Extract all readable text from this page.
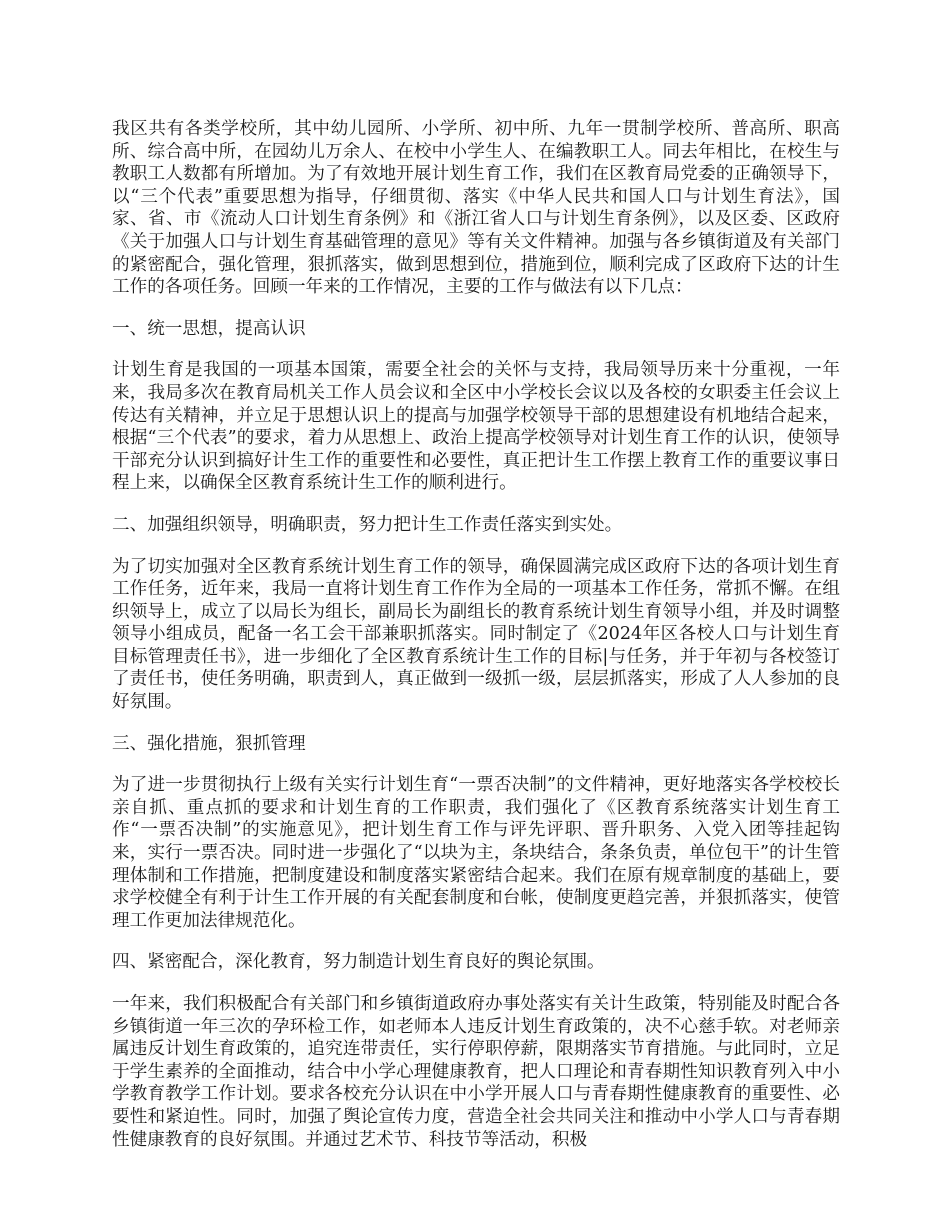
我区共有各类学校所，其中幼儿园所、小学所、初中所、九年一贯制学校所、普高所、职高所、综合高中所，在园幼儿万余人、在校中小学生人、在编教职工人。同去年相比，在校生与教职工人数都有所增加。为了有效地开展计划生育工作，我们在区教育局党委的正确领导下，以“三个代表”重要思想为指导，仔细贯彻、落实《中华人民共和国人口与计划生育法》，国家、省、市《流动人口计划生育条例》和《浙江省人口与计划生育条例》，以及区委、区政府《关于加强人口与计划生育基础管理的意见》等有关文件精神。加强与各乡镇街道及有关部门的紧密配合，强化管理，狠抓落实，做到思想到位，措施到位，顺利完成了区政府下达的计生工作的各项任务。回顾一年来的工作情况，主要的工作与做法有以下几点：

一、统一思想，提高认识

计划生育是我国的一项基本国策，需要全社会的关怀与支持，我局领导历来十分重视，一年来，我局多次在教育局机关工作人员会议和全区中小学校长会议以及各校的女职委主任会议上传达有关精神，并立足于思想认识上的提高与加强学校领导干部的思想建设有机地结合起来，根据“三个代表”的要求，着力从思想上、政治上提高学校领导对计划生育工作的认识，使领导干部充分认识到搞好计生工作的重要性和必要性，真正把计生工作摆上教育工作的重要议事日程上来，以确保全区教育系统计生工作的顺利进行。

二、加强组织领导，明确职责，努力把计生工作责任落实到实处。

为了切实加强对全区教育系统计划生育工作的领导，确保圆满完成区政府下达的各项计划生育工作任务，近年来，我局一直将计划生育工作作为全局的一项基本工作任务，常抓不懈。在组织领导上，成立了以局长为组长，副局长为副组长的教育系统计划生育领导小组，并及时调整领导小组成员，配备一名工会干部兼职抓落实。同时制定了《2024年区各校人口与计划生育目标管理责任书》，进一步细化了全区教育系统计生工作的目标|与任务，并于年初与各校签订了责任书，使任务明确，职责到人，真正做到一级抓一级，层层抓落实，形成了人人参加的良好氛围。

三、强化措施，狠抓管理

为了进一步贯彻执行上级有关实行计划生育“一票否决制”的文件精神，更好地落实各学校校长亲自抓、重点抓的要求和计划生育的工作职责，我们强化了《区教育系统落实计划生育工作“一票否决制”的实施意见》，把计划生育工作与评先评职、晋升职务、入党入团等挂起钩来，实行一票否决。同时进一步强化了“以块为主，条块结合，条条负责，单位包干”的计生管理体制和工作措施，把制度建设和制度落实紧密结合起来。我们在原有规章制度的基础上，要求学校健全有利于计生工作开展的有关配套制度和台帐，使制度更趋完善，并狠抓落实，使管理工作更加法律规范化。

四、紧密配合，深化教育，努力制造计划生育良好的舆论氛围。

一年来，我们积极配合有关部门和乡镇街道政府办事处落实有关计生政策，特别能及时配合各乡镇街道一年三次的孕环检工作，如老师本人违反计划生育政策的，决不心慈手软。对老师亲属违反计划生育政策的，追究连带责任，实行停职停薪，限期落实节育措施。与此同时，立足于学生素养的全面推动，结合中小学心理健康教育，把人口理论和青春期性知识教育列入中小学教育教学工作计划。要求各校充分认识在中小学开展人口与青春期性健康教育的重要性、必要性和紧迫性。同时，加强了舆论宣传力度，营造全社会共同关注和推动中小学人口与青春期性健康教育的良好氛围。并通过艺术节、科技节等活动，积极
